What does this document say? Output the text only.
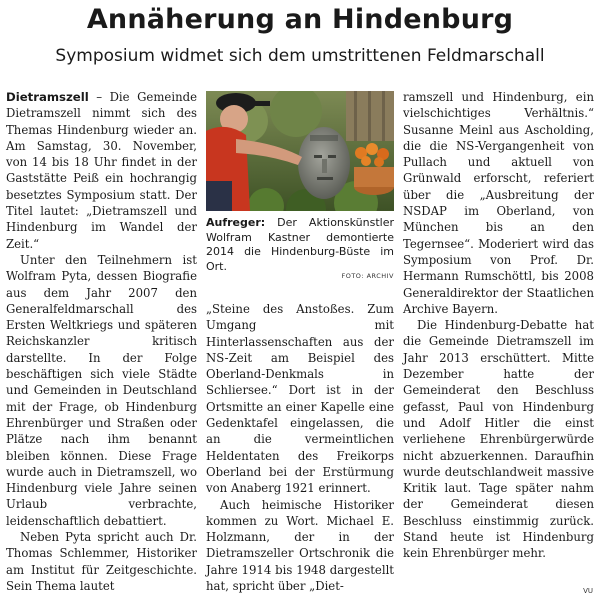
Annäherung an Hindenburg
Symposium widmet sich dem umstrittenen Feldmarschall

Dietramszell – Die Gemeinde Dietramszell nimmt sich des Themas Hindenburg wieder an. Am Samstag, 30. November, von 14 bis 18 Uhr findet in der Gaststätte Peiß ein hochrangig besetztes Symposium statt. Der Titel lautet: „Dietramszell und Hindenburg im Wandel der Zeit.“

Unter den Teilnehmern ist Wolfram Pyta, dessen Biografie aus dem Jahr 2007 den Generalfeldmarschall des Ersten Weltkriegs und späteren Reichskanzler kritisch darstellte. In der Folge beschäftigen sich viele Städte und Gemeinden in Deutschland mit der Frage, ob Hindenburg Ehrenbürger und Straßen oder Plätze nach ihm benannt bleiben können. Diese Frage wurde auch in Dietramszell, wo Hindenburg viele Jahre seinen Urlaub verbrachte, leidenschaftlich debattiert.

Neben Pyta spricht auch Dr. Thomas Schlemmer, Historiker am Institut für Zeitgeschichte. Sein Thema lautet

Aufreger: Der Aktionskünstler Wolfram Kastner demontierte 2014 die Hindenburg-Büste im Ort.
FOTO: ARCHIV

„Steine des Anstoßes. Zum Umgang mit Hinterlassenschaften aus der NS-Zeit am Beispiel des Oberland-Denkmals in Schliersee.“ Dort ist in der Ortsmitte an einer Kapelle eine Gedenktafel eingelassen, die an die vermeintlichen Heldentaten des Freikorps Oberland bei der Erstürmung von Anaberg 1921 erinnert.

Auch heimische Historiker kommen zu Wort. Michael E. Holzmann, der in der Dietramszeller Ortschronik die Jahre 1914 bis 1948 dargestellt hat, spricht über „Diet-

ramszell und Hindenburg, ein vielschichtiges Verhältnis.“ Susanne Meinl aus Ascholding, die die NS-Vergangenheit von Pullach und aktuell von Grünwald erforscht, referiert über die „Ausbreitung der NSDAP im Oberland, von München bis an den Tegernsee“. Moderiert wird das Symposium von Prof. Dr. Hermann Rumschöttl, bis 2008 Generaldirektor der Staatlichen Archive Bayern.

Die Hindenburg-Debatte hat die Gemeinde Dietramszell im Jahr 2013 erschüttert. Mitte Dezember hatte der Gemeinderat den Beschluss gefasst, Paul von Hindenburg und Adolf Hitler die einst verliehene Ehrenbürgerwürde nicht abzuerkennen. Daraufhin wurde deutschlandweit massive Kritik laut. Tage später nahm der Gemeinderat diesen Beschluss einstimmig zurück. Stand heute ist Hindenburg kein Ehrenbürger mehr.

VU
